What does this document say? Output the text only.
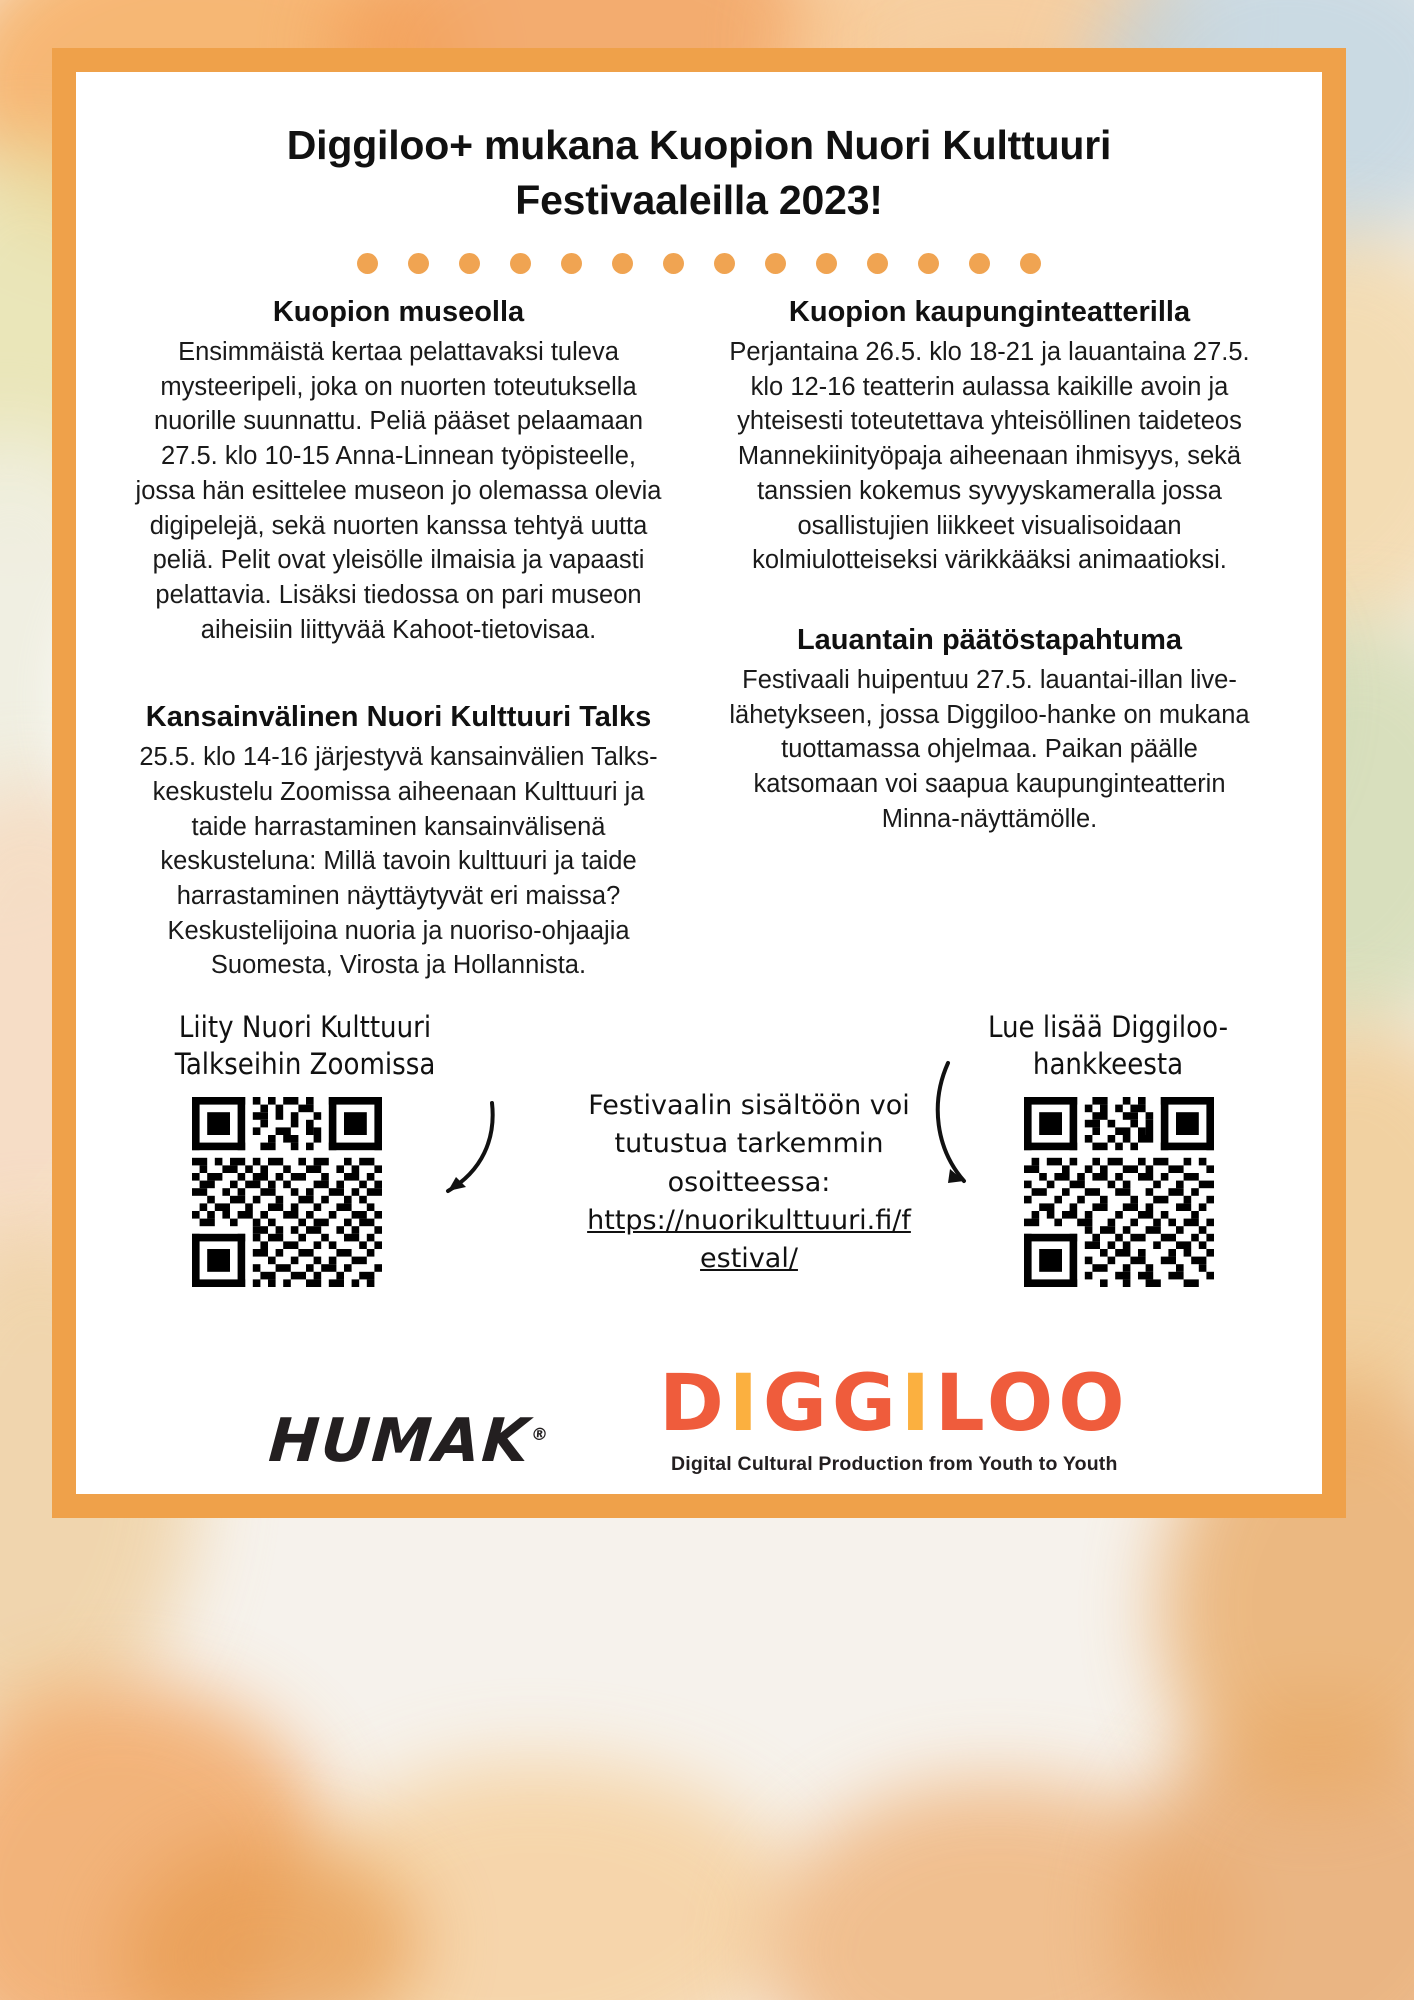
Diggiloo+ mukana Kuopion Nuori Kulttuuri Festivaaleilla 2023!
Kuopion museolla

Ensimmäistä kertaa pelattavaksi tuleva mysteeripeli, joka on nuorten toteutuksella nuorille suunnattu. Peliä pääset pelaamaan 27.5. klo 10-15 Anna-Linnean työpisteelle, jossa hän esittelee museon jo olemassa olevia digipelejä, sekä nuorten kanssa tehtyä uutta peliä. Pelit ovat yleisölle ilmaisia ja vapaasti pelattavia. Lisäksi tiedossa on pari museon aiheisiin liittyvää Kahoot-tietovisaa.

Kansainvälinen Nuori Kulttuuri Talks

25.5. klo 14-16 järjestyvä kansainvälien Talks-keskustelu Zoomissa aiheenaan Kulttuuri ja taide harrastaminen kansainvälisenä keskusteluna: Millä tavoin kulttuuri ja taide harrastaminen näyttäytyvät eri maissa? Keskustelijoina nuoria ja nuoriso-ohjaajia Suomesta, Virosta ja Hollannista.

Kuopion kaupunginteatterilla

Perjantaina 26.5. klo 18-21 ja lauantaina 27.5. klo 12-16 teatterin aulassa kaikille avoin ja yhteisesti toteutettava yhteisöllinen taideteos Mannekiinityöpaja aiheenaan ihmisyys, sekä tanssien kokemus syvyyskameralla jossa osallistujien liikkeet visualisoidaan kolmiulotteiseksi värikkääksi animaatioksi.

Lauantain päätöstapahtuma

Festivaali huipentuu 27.5. lauantai-illan live-lähetykseen, jossa Diggiloo-hanke on mukana tuottamassa ohjelmaa. Paikan päälle katsomaan voi saapua kaupunginteatterin Minna-näyttämölle.

Liity Nuori Kulttuuri Talkseihin Zoomissa
Lue lisää Diggiloo-hankkeesta
Festivaalin sisältöön voi tutustua tarkemmin osoitteessa:
https://nuorikulttuuri.fi/festival/
HUMAK® DIGGILOO
Digital Cultural Production from Youth to Youth
